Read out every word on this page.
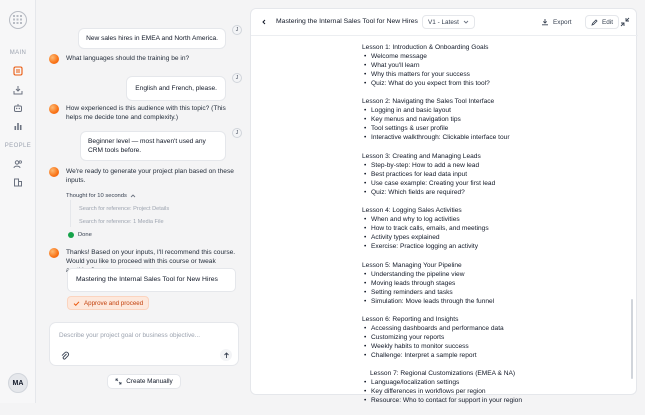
MAIN
PEOPLE
MA
New sales hires in EMEA and North America.
J
What languages should the training be in?
English and French, please.
J
How experienced is this audience with this topic? (This helps me decide tone and complexity.)
Beginner level — most haven't used any CRM tools before.
J
We're ready to generate your project plan based on these inputs.
Thought for 10 seconds
Search for reference: Project Details
Search for reference: 1 Media File
Done
Thanks! Based on your inputs, I'll recommend this course. Would you like to proceed with this course or tweak
Mastering the Internal Sales Tool for New Hires
Approve and proceed
Describe your project goal or business objective...
Create Manually
Mastering the Internal Sales Tool for New Hires V1 - Latest	Export	Edit
Lesson 1: Introduction & Onboarding Goals
• Welcome message
• What you'll learn
• Why this matters for your success
• Quiz: What do you expect from this tool?
Lesson 2: Navigating the Sales Tool Interface
• Logging in and basic layout
• Key menus and navigation tips
• Tool settings & user profile
• Interactive walkthrough: Clickable interface tour
Lesson 3: Creating and Managing Leads
• Step-by-step: How to add a new lead
• Best practices for lead data input
• Use case example: Creating your first lead
• Quiz: Which fields are required?
Lesson 4: Logging Sales Activities
• When and why to log activities
• How to track calls, emails, and meetings
• Activity types explained
• Exercise: Practice logging an activity
Lesson 5: Managing Your Pipeline
• Understanding the pipeline view
• Moving leads through stages
• Setting reminders and tasks
• Simulation: Move leads through the funnel
Lesson 6: Reporting and Insights
• Accessing dashboards and performance data
• Customizing your reports
• Weekly habits to monitor success
• Challenge: Interpret a sample report
Lesson 7: Regional Customizations (EMEA & NA)
• Language/localization settings
• Key differences in workflows per region
• Resource: Who to contact for support in your region
